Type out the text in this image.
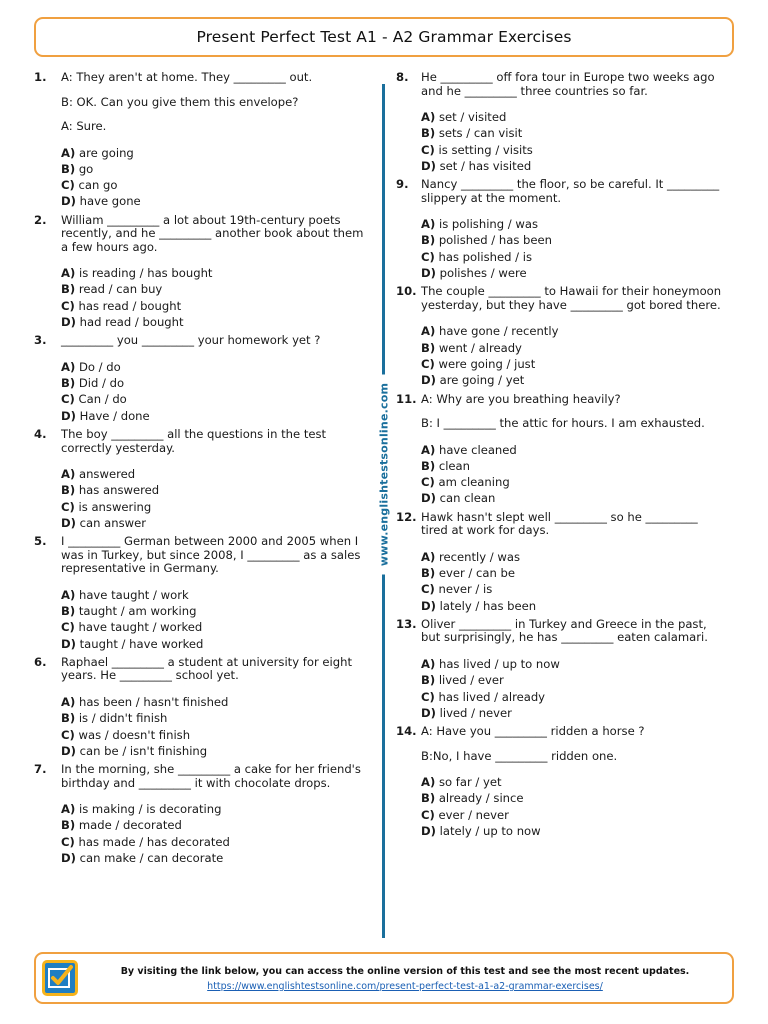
Present Perfect Test A1 - A2 Grammar Exercises
1.	A: They aren't at home. They _________ out.
B: OK. Can you give them this envelope?
A: Sure.
A) are going
B) go
C) can go
D) have gone
2.	William _________ a lot about 19th-century poets
recently, and he _________ another book about them
a few hours ago.
A) is reading / has bought
B) read / can buy
C) has read / bought
D) had read / bought
3.	_________ you _________ your homework yet ?
A) Do / do
B) Did / do
C) Can / do
D) Have / done
4.	The boy _________ all the questions in the test
correctly yesterday.
A) answered
B) has answered
C) is answering
D) can answer
5.	I _________ German between 2000 and 2005 when I
was in Turkey, but since 2008, I _________ as a sales
representative in Germany.
A) have taught / work
B) taught / am working
C) have taught / worked
D) taught / have worked
6.	Raphael _________ a student at university for eight
years. He _________ school yet.
A) has been / hasn't finished
B) is / didn't finish
C) was / doesn't finish
D) can be / isn't finishing
7.	In the morning, she _________ a cake for her friend's
birthday and _________ it with chocolate drops.
A) is making / is decorating
B) made / decorated
C) has made / has decorated
D) can make / can decorate
www.englishtestsonline.com
8.	He _________ off fora tour in Europe two weeks ago
and he _________ three countries so far.
A) set / visited
B) sets / can visit
C) is setting / visits
D) set / has visited
9.	Nancy _________ the floor, so be careful. It _________
slippery at the moment.
A) is polishing / was
B) polished / has been
C) has polished / is
D) polishes / were
10. The couple _________ to Hawaii for their honeymoon
yesterday, but they have _________ got bored there.
A) have gone / recently
B) went / already
C) were going / just
D) are going / yet
11. A: Why are you breathing heavily?
B: I _________ the attic for hours. I am exhausted.
A) have cleaned
B) clean
C) am cleaning
D) can clean
12. Hawk hasn't slept well _________ so he _________
tired at work for days.
A) recently / was
B) ever / can be
C) never / is
D) lately / has been
13. Oliver _________ in Turkey and Greece in the past,
but surprisingly, he has _________ eaten calamari.
A) has lived / up to now
B) lived / ever
C) has lived / already
D) lived / never
14. A: Have you _________ ridden a horse ?
B:No, I have _________ ridden one.
A) so far / yet
B) already / since
C) ever / never
D) lately / up to now
By visiting the link below, you can access the online version of this test and see the most recent updates.
https://www.englishtestsonline.com/present-perfect-test-a1-a2-grammar-exercises/
